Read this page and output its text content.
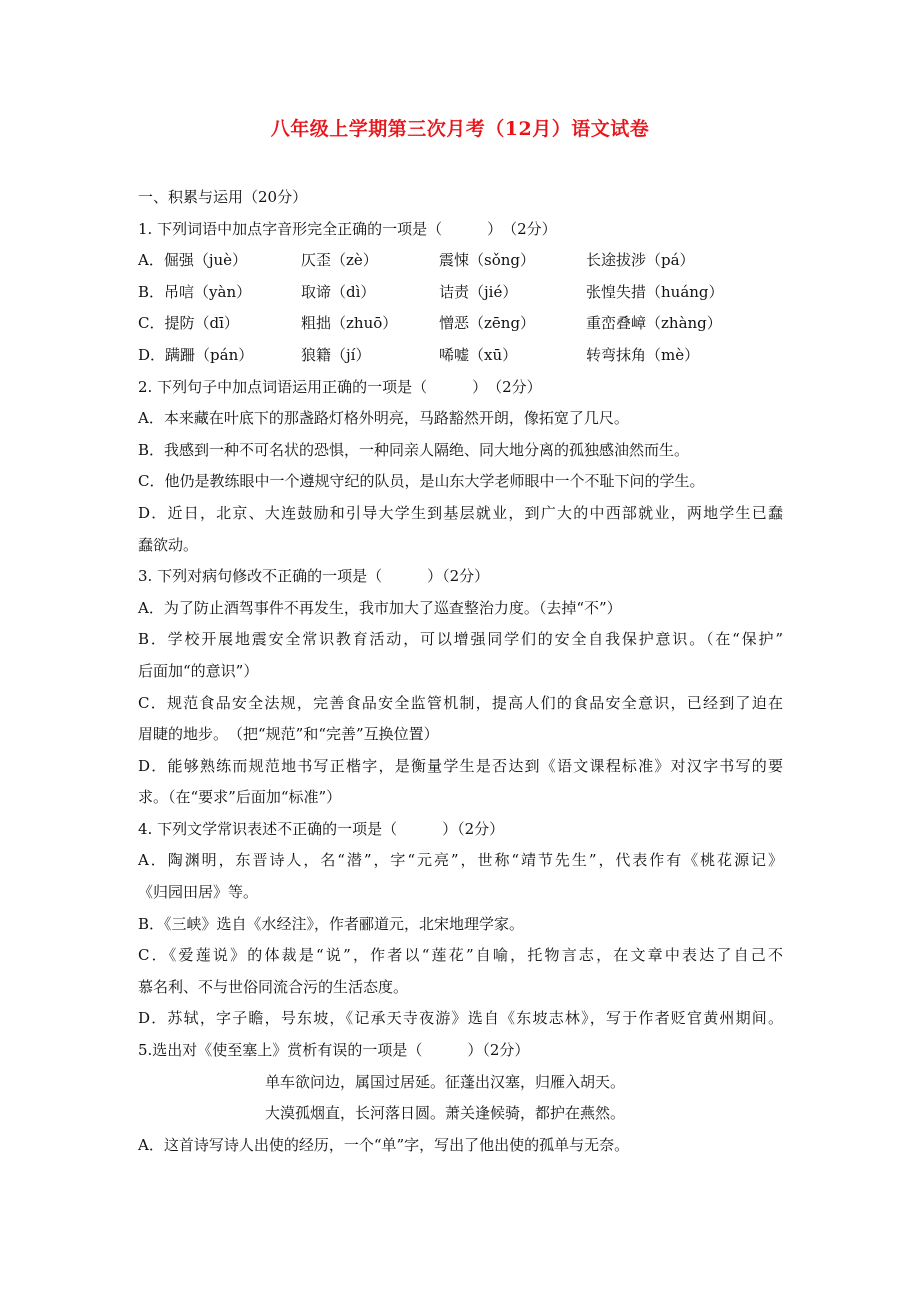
八年级上学期第三次月考（12月）语文试卷
一、积累与运用（20分）
1. 下列词语中加点字音形完全正确的一项是（　　　）　（2分）
A．倔强（juè）	仄歪（zè）	震悚（sǒng）	长途拔涉（pá）
B．吊唁（yàn）	取谛（dì）	诘责（jié）	张惶失措（huáng）
C．提防（dī）	粗拙（zhuō）	憎恶（zēng）	重峦叠嶂（zhàng）
D．蹒跚（pán）	狼籍（jí）	唏嘘（xū）	转弯抹角（mè）
2. 下列句子中加点词语运用正确的一项是（　　　）　（2分）
A．本来藏在叶底下的那盏路灯格外明亮，马路豁然开朗，像拓宽了几尺。
B．我感到一种不可名状的恐惧，一种同亲人隔绝、同大地分离的孤独感油然而生。
C．他仍是教练眼中一个遵规守纪的队员，是山东大学老师眼中一个不耻下问的学生。
D．近日，北京、大连鼓励和引导大学生到基层就业，到广大的中西部就业，两地学生已蠢
蠢欲动。
3. 下列对病句修改不正确的一项是（　　　）（2分）
A．为了防止酒驾事件不再发生，我市加大了巡查整治力度。（去掉“不”）
B．学校开展地震安全常识教育活动，可以增强同学们的安全自我保护意识。（在“保护”
后面加“的意识”）
C．规范食品安全法规，完善食品安全监管机制，提高人们的食品安全意识，已经到了迫在
眉睫的地步。　（把“规范”和“完善”互换位置）
D．能够熟练而规范地书写正楷字，是衡量学生是否达到《语文课程标准》对汉字书写的要
求。（在“要求”后面加“标准”）
4. 下列文学常识表述不正确的一项是（　　　）（2分）
A．陶渊明，东晋诗人，名“潜”，字“元亮”，世称“靖节先生”，代表作有《桃花源记》
《归园田居》等。
B．《三峡》选自《水经注》，作者郦道元，北宋地理学家。
C．《爱莲说》的体裁是“说”，作者以“莲花”自喻，托物言志，在文章中表达了自己不
慕名利、不与世俗同流合污的生活态度。
D．苏轼，字子瞻，号东坡，《记承天寺夜游》选自《东坡志林》，写于作者贬官黄州期间。
5.选出对《使至塞上》赏析有误的一项是（　　　）（2分）
单车欲问边，属国过居延。征蓬出汉塞，归雁入胡天。
大漠孤烟直，长河落日圆。萧关逢候骑，都护在燕然。
A．这首诗写诗人出使的经历，一个“单”字，写出了他出使的孤单与无奈。
